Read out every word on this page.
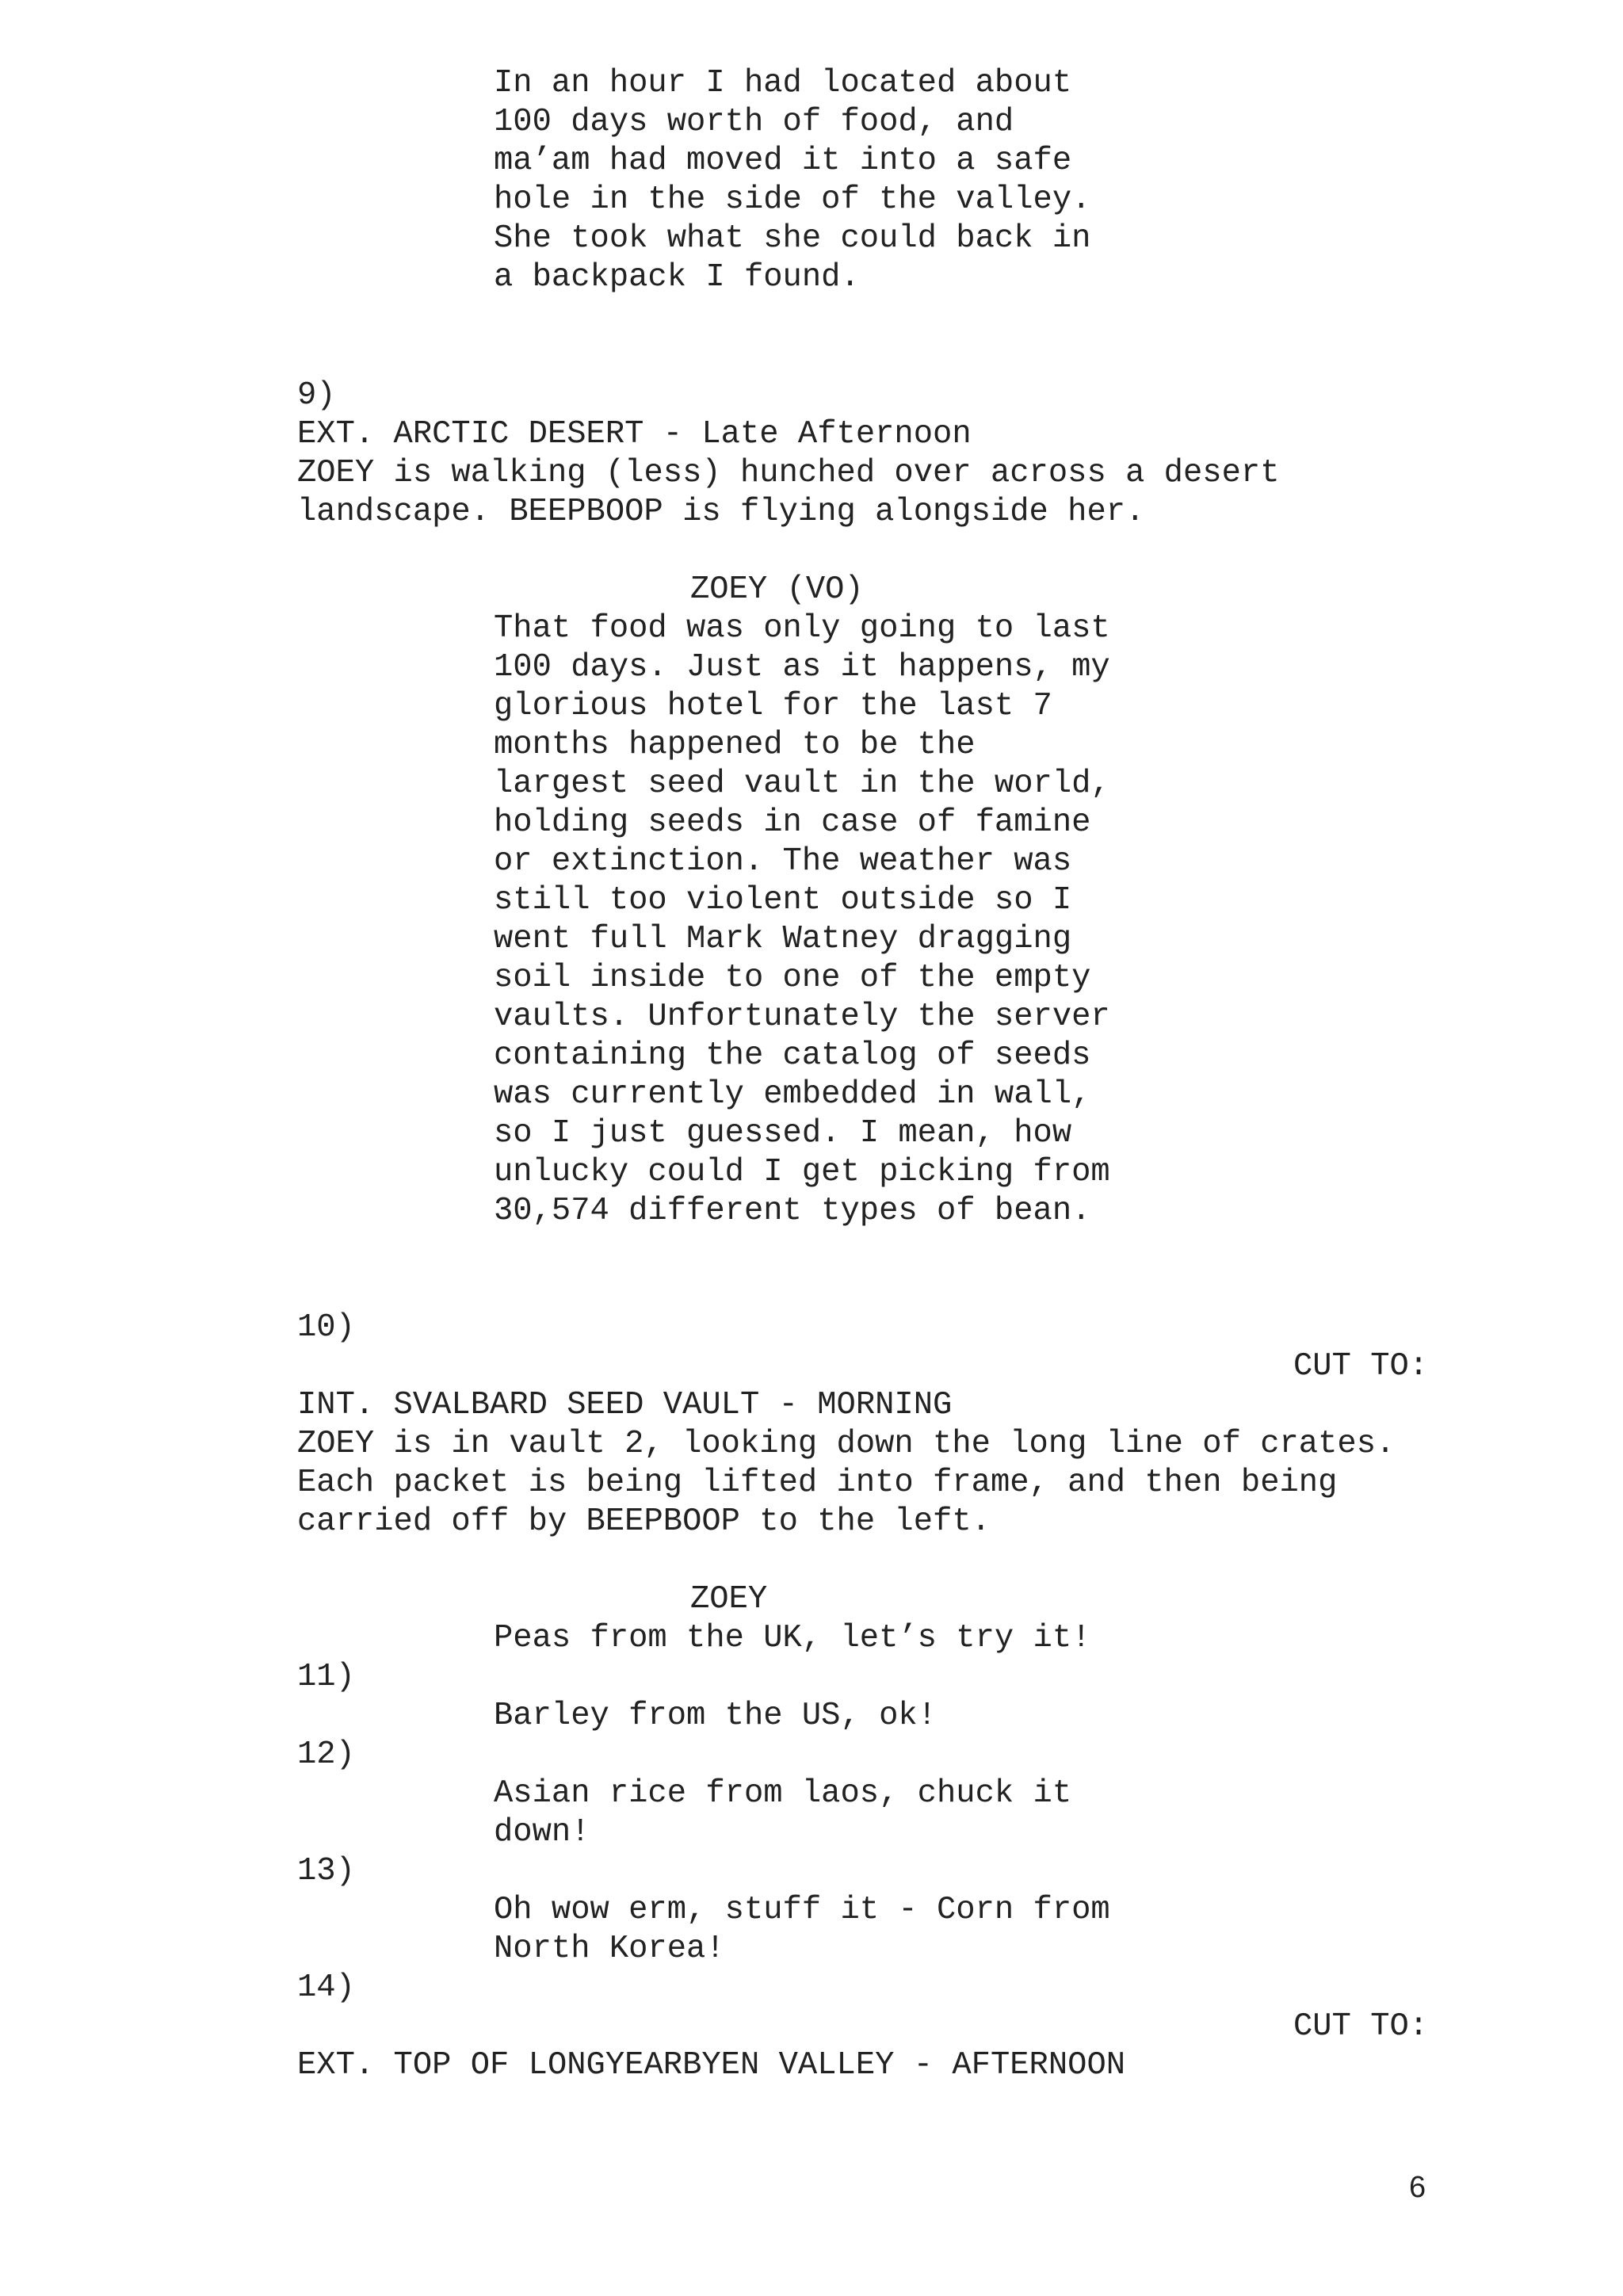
In an hour I had located about
100 days worth of food, and
ma’am had moved it into a safe
hole in the side of the valley.
She took what she could back in
a backpack I found.
9)
EXT. ARCTIC DESERT - Late Afternoon
ZOEY is walking (less) hunched over across a desert
landscape. BEEPBOOP is flying alongside her.
ZOEY (VO)
That food was only going to last
100 days. Just as it happens, my
glorious hotel for the last 7
months happened to be the
largest seed vault in the world,
holding seeds in case of famine
or extinction. The weather was
still too violent outside so I
went full Mark Watney dragging
soil inside to one of the empty
vaults. Unfortunately the server
containing the catalog of seeds
was currently embedded in wall,
so I just guessed. I mean, how
unlucky could I get picking from
30,574 different types of bean.
10)
CUT TO:
INT. SVALBARD SEED VAULT - MORNING
ZOEY is in vault 2, looking down the long line of crates.
Each packet is being lifted into frame, and then being
carried off by BEEPBOOP to the left.
ZOEY
Peas from the UK, let’s try it!
11)
Barley from the US, ok!
12)
Asian rice from laos, chuck it
down!
13)
Oh wow erm, stuff it - Corn from
North Korea!
14)
CUT TO:
EXT. TOP OF LONGYEARBYEN VALLEY - AFTERNOON
6
